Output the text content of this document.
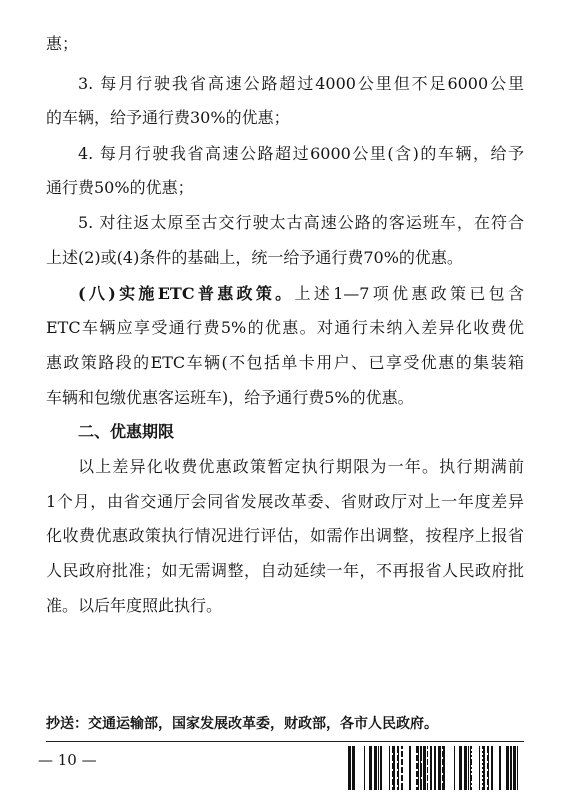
惠；
3. 每月行驶我省高速公路超过4000公里但不足6000公里
的车辆，给予通行费30%的优惠；
4. 每月行驶我省高速公路超过6000公里(含)的车辆，给予
通行费50%的优惠；
5. 对往返太原至古交行驶太古高速公路的客运班车，在符合
上述(2)或(4)条件的基础上，统一给予通行费70%的优惠。
(八)实施ETC普惠政策。上述1—7项优惠政策已包含
ETC车辆应享受通行费5%的优惠。对通行未纳入差异化收费优
惠政策路段的ETC车辆(不包括单卡用户、已享受优惠的集装箱
车辆和包缴优惠客运班车)，给予通行费5%的优惠。
二、优惠期限
以上差异化收费优惠政策暂定执行期限为一年。执行期满前
1个月，由省交通厅会同省发展改革委、省财政厅对上一年度差异
化收费优惠政策执行情况进行评估，如需作出调整，按程序上报省
人民政府批准；如无需调整，自动延续一年，不再报省人民政府批
准。以后年度照此执行。
抄送：交通运输部，国家发展改革委，财政部，各市人民政府。
— 10 —
